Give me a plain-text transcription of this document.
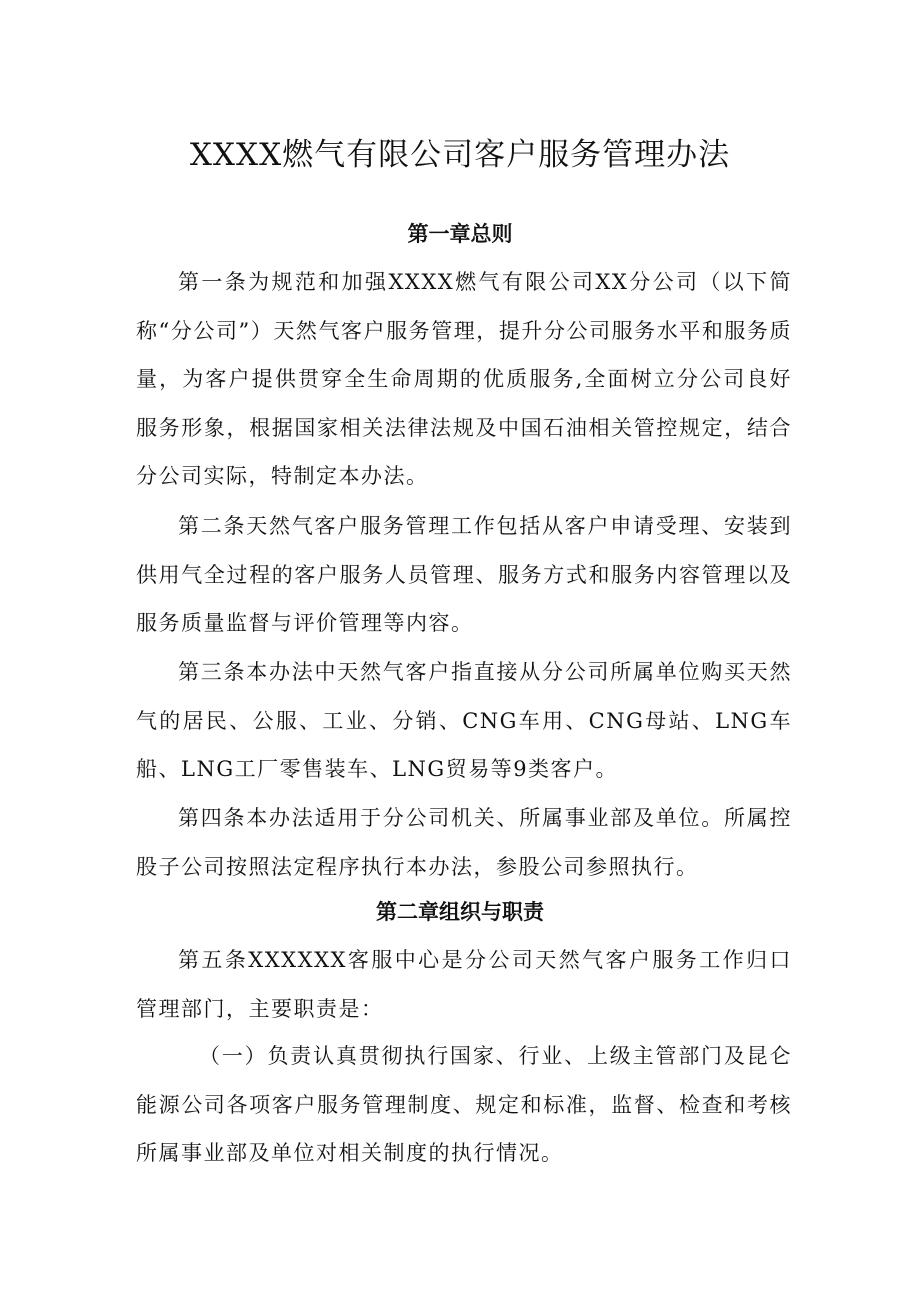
XXXX燃气有限公司客户服务管理办法
第一章总则

第一条为规范和加强XXXX燃气有限公司XX分公司（以下简称“分公司”）天然气客户服务管理，提升分公司服务水平和服务质量，为客户提供贯穿全生命周期的优质服务,全面树立分公司良好服务形象，根据国家相关法律法规及中国石油相关管控规定，结合分公司实际，特制定本办法。

第二条天然气客户服务管理工作包括从客户申请受理、安装到供用气全过程的客户服务人员管理、服务方式和服务内容管理以及服务质量监督与评价管理等内容。

第三条本办法中天然气客户指直接从分公司所属单位购买天然气的居民、公服、工业、分销、CNG车用、CNG母站、LNG车船、LNG工厂零售装车、LNG贸易等9类客户。

第四条本办法适用于分公司机关、所属事业部及单位。所属控股子公司按照法定程序执行本办法，参股公司参照执行。

第二章组织与职责

第五条XXXXXX客服中心是分公司天然气客户服务工作归口管理部门，主要职责是：

（一）负责认真贯彻执行国家、行业、上级主管部门及昆仑能源公司各项客户服务管理制度、规定和标准，监督、检查和考核所属事业部及单位对相关制度的执行情况。
